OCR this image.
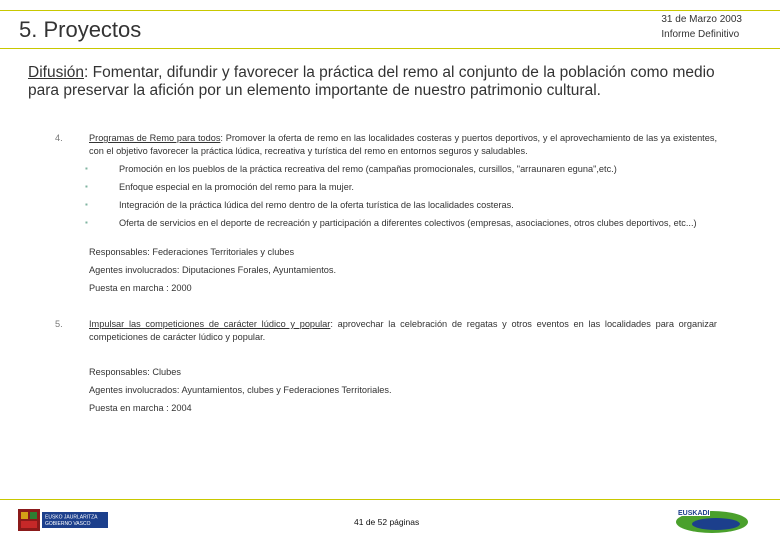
5. Proyectos	31 de Marzo 2003
Informe Definitivo
Difusión: Fomentar, difundir y favorecer la práctica del remo al conjunto de la población como medio para preservar la afición por un elemento importante de nuestro patrimonio cultural.
4.	Programas de Remo para todos: Promover la oferta de remo en las localidades costeras y puertos deportivos, y el aprovechamiento de las ya existentes, con el objetivo favorecer la práctica lúdica, recreativa y turística del remo en entornos seguros y saludables.
▪	Promoción en los pueblos de la práctica recreativa del remo (campañas promocionales, cursillos, "arraunaren eguna",etc.)
▪	Enfoque especial en la promoción del remo para la mujer.
▪	Integración de la práctica lúdica del remo dentro de la oferta turística de las localidades costeras.
▪	Oferta de servicios en el deporte de recreación y participación a diferentes colectivos (empresas, asociaciones, otros clubes deportivos, etc...)
Responsables: Federaciones Territoriales y clubes
Agentes involucrados: Diputaciones Forales, Ayuntamientos.
Puesta en marcha : 2000
5.	Impulsar las competiciones de carácter lúdico y popular: aprovechar la celebración de regatas y otros eventos en las localidades para organizar competiciones de carácter lúdico y popular.
Responsables: Clubes
Agentes involucrados: Ayuntamientos, clubes y Federaciones Territoriales.
Puesta en marcha : 2004
EUSKO JAURLARITZA
GOBIERNO VASCO	41 de 52 páginas
EUSKADI
